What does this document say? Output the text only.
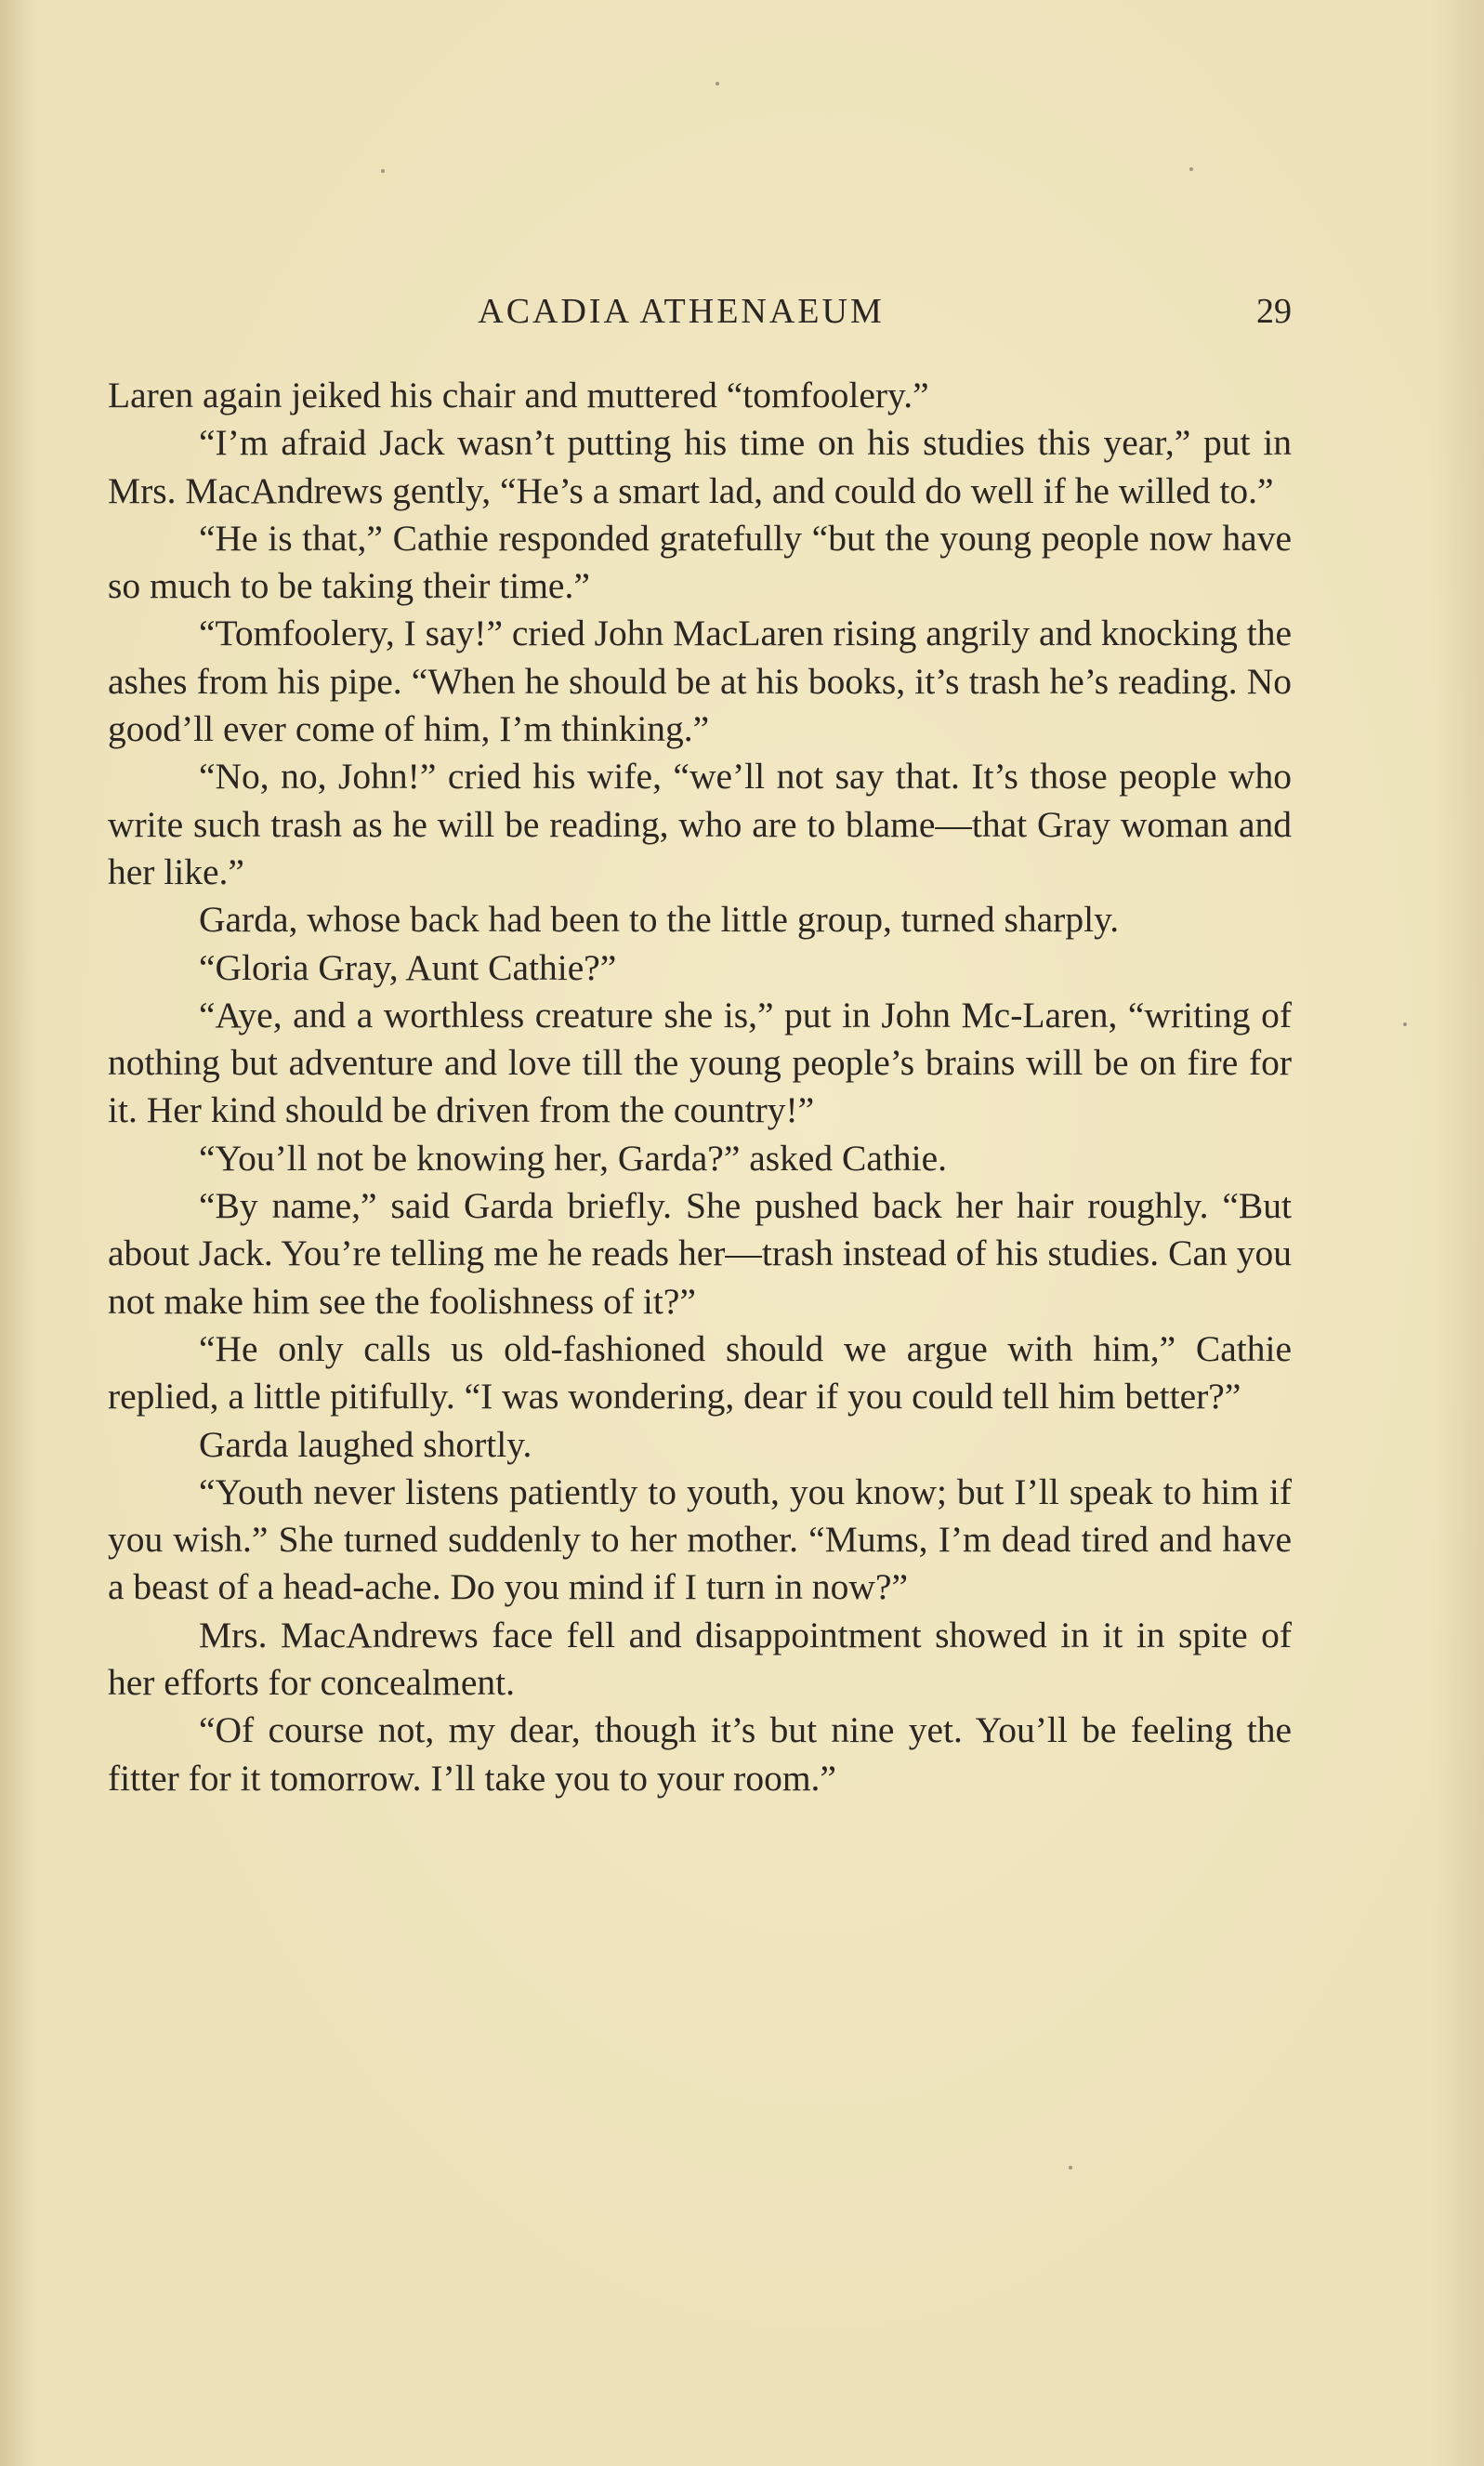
ACADIA ATHENAEUM	29

Laren again jeiked his chair and muttered “tomfoolery.”

“I’m afraid Jack wasn’t putting his time on his studies this year,” put in Mrs. MacAndrews gently, “He’s a smart lad, and could do well if he willed to.”

“He is that,” Cathie responded gratefully “but the young people now have so much to be taking their time.”

“Tomfoolery, I say!” cried John MacLaren rising angrily and knocking the ashes from his pipe. “When he should be at his books, it’s trash he’s reading. No good’ll ever come of him, I’m thinking.”

“No, no, John!” cried his wife, “we’ll not say that. It’s those people who write such trash as he will be reading, who are to blame—that Gray woman and her like.”

Garda, whose back had been to the little group, turned sharply.

“Gloria Gray, Aunt Cathie?”

“Aye, and a worthless creature she is,” put in John Mc-Laren, “writing of nothing but adventure and love till the young people’s brains will be on fire for it. Her kind should be driven from the country!”

“You’ll not be knowing her, Garda?” asked Cathie.

“By name,” said Garda briefly. She pushed back her hair roughly. “But about Jack. You’re telling me he reads her—trash instead of his studies. Can you not make him see the foolishness of it?”

“He only calls us old-fashioned should we argue with him,” Cathie replied, a little pitifully. “I was wondering, dear if you could tell him better?”

Garda laughed shortly.

“Youth never listens patiently to youth, you know; but I’ll speak to him if you wish.” She turned suddenly to her mother. “Mums, I’m dead tired and have a beast of a head-ache. Do you mind if I turn in now?”

Mrs. MacAndrews face fell and disappointment showed in it in spite of her efforts for concealment.

“Of course not, my dear, though it’s but nine yet. You’ll be feeling the fitter for it tomorrow. I’ll take you to your room.”
